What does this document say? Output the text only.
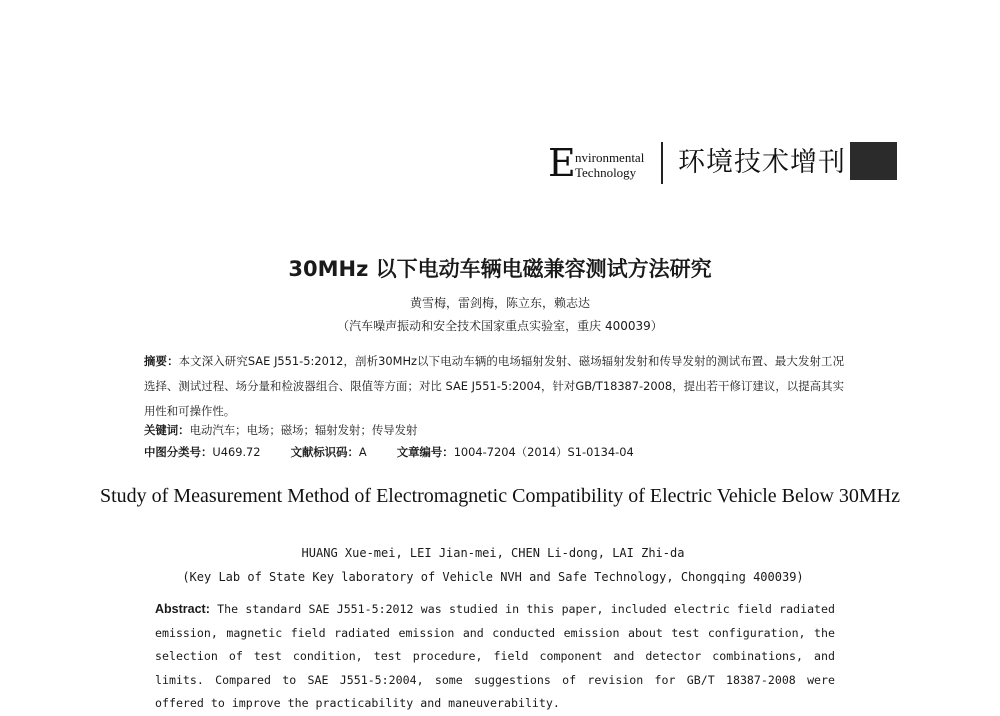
E nvironmental
Technology 环境技术增刊
30MHz 以下电动车辆电磁兼容测试方法研究
黄雪梅，雷剑梅，陈立东，赖志达
（汽车噪声振动和安全技术国家重点实验室，重庆 400039）
摘要：本文深入研究SAE J551-5:2012，剖析30MHz以下电动车辆的电场辐射发射、磁场辐射发射和传导发射的测试布置、最大发射工况选择、测试过程、场分量和检波器组合、限值等方面；对比 SAE J551-5:2004，针对GB/T18387-2008，提出若干修订建议，以提高其实用性和可操作性。
关键词：电动汽车；电场；磁场；辐射发射；传导发射
中图分类号：U469.72	文献标识码：A	文章编号：1004-7204（2014）S1-0134-04
Study of Measurement Method of Electromagnetic Compatibility of Electric Vehicle Below 30MHz
HUANG Xue-mei, LEI Jian-mei, CHEN Li-dong, LAI Zhi-da
(Key Lab of State Key laboratory of Vehicle NVH and Safe Technology, Chongqing 400039)
Abstract: The standard SAE J551-5:2012 was studied in this paper, included electric field radiated emission, magnetic field radiated emission and conducted emission about test configuration, the selection of test condition, test procedure, field component and detector combinations, and limits. Compared to SAE J551-5:2004, some suggestions of revision for GB/T 18387-2008 were offered to improve the practicability and maneuverability.
